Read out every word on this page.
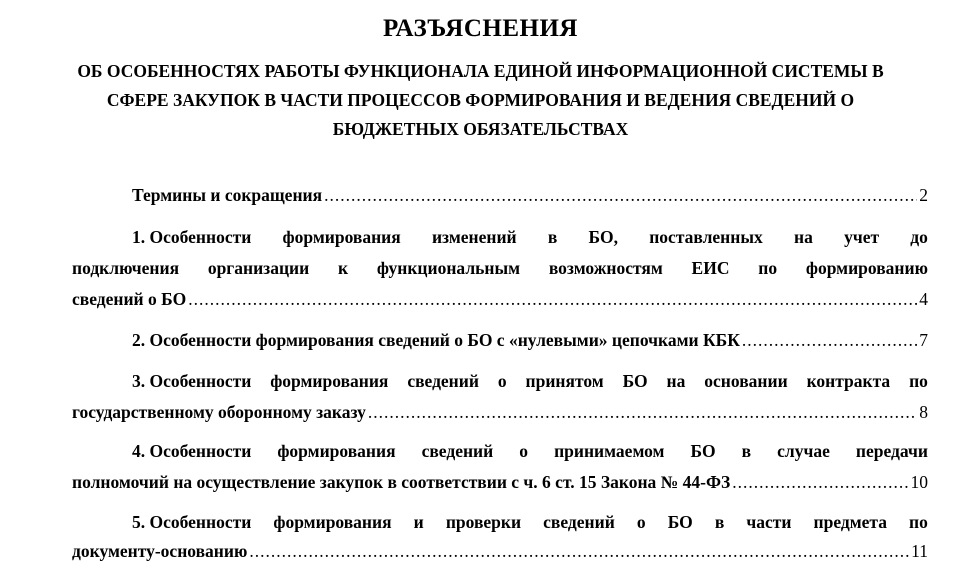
РАЗЪЯСНЕНИЯ
ОБ ОСОБЕННОСТЯХ РАБОТЫ ФУНКЦИОНАЛА ЕДИНОЙ ИНФОРМАЦИОННОЙ СИСТЕМЫ В СФЕРЕ ЗАКУПОК В ЧАСТИ ПРОЦЕССОВ ФОРМИРОВАНИЯ И ВЕДЕНИЯ СВЕДЕНИЙ О БЮДЖЕТНЫХ ОБЯЗАТЕЛЬСТВАХ
Термины и сокращения .....	2
1. Особенности формирования изменений в БО, поставленных на учет до
подключения организации к функциональным возможностям ЕИС по формированию
сведений о БО .....	4
2. Особенности формирования сведений о БО с «нулевыми» цепочками КБК .....	7
3. Особенности формирования сведений о принятом БО на основании контракта по
государственному оборонному заказу .....	8
4. Особенности формирования сведений о принимаемом БО в случае передачи
полномочий на осуществление закупок в соответствии с ч. 6 ст. 15 Закона № 44-ФЗ .....	10
5. Особенности формирования и проверки сведений о БО в части предмета по
документу-основанию .....	11
